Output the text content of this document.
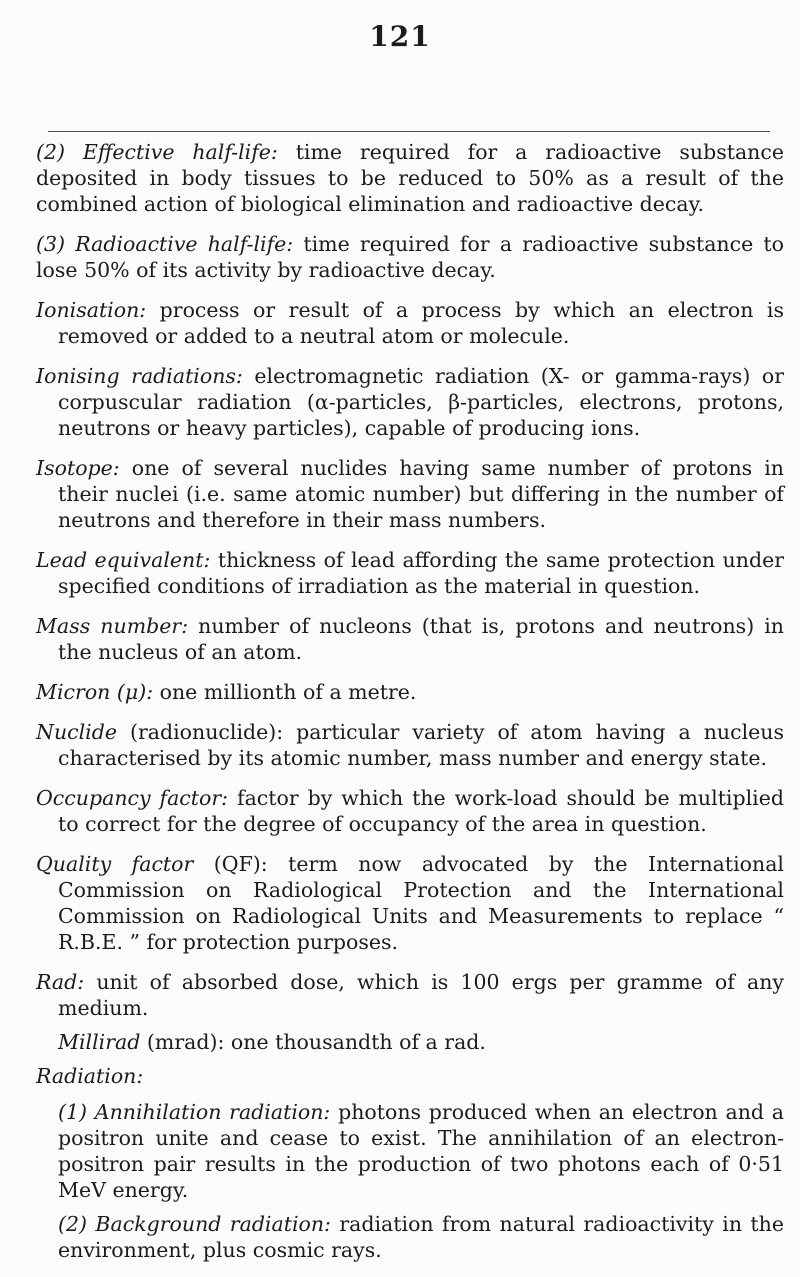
121

(2) Effective half-life: time required for a radioactive substance deposited in body tissues to be reduced to 50% as a result of the combined action of biological elimination and radioactive decay.

(3) Radioactive half-life: time required for a radioactive substance to lose 50% of its activity by radioactive decay.

Ionisation: process or result of a process by which an electron is removed or added to a neutral atom or molecule.

Ionising radiations: electromagnetic radiation (X- or gamma-rays) or corpuscular radiation (α-particles, β-particles, electrons, protons, neutrons or heavy particles), capable of producing ions.

Isotope: one of several nuclides having same number of protons in their nuclei (i.e. same atomic number) but differing in the number of neutrons and therefore in their mass numbers.

Lead equivalent: thickness of lead affording the same protection under specified conditions of irradiation as the material in question.

Mass number: number of nucleons (that is, protons and neutrons) in the nucleus of an atom.

Micron (μ): one millionth of a metre.

Nuclide (radionuclide): particular variety of atom having a nucleus characterised by its atomic number, mass number and energy state.

Occupancy factor: factor by which the work-load should be multiplied to correct for the degree of occupancy of the area in question.

Quality factor (QF): term now advocated by the International Commission on Radiological Protection and the International Commission on Radiological Units and Measurements to replace “ R.B.E. ” for protection purposes.

Rad: unit of absorbed dose, which is 100 ergs per gramme of any medium.

Millirad (mrad): one thousandth of a rad.

Radiation:

(1) Annihilation radiation: photons produced when an electron and a positron unite and cease to exist. The annihilation of an electron-positron pair results in the production of two photons each of 0·51 MeV energy.

(2) Background radiation: radiation from natural radioactivity in the environment, plus cosmic rays.
